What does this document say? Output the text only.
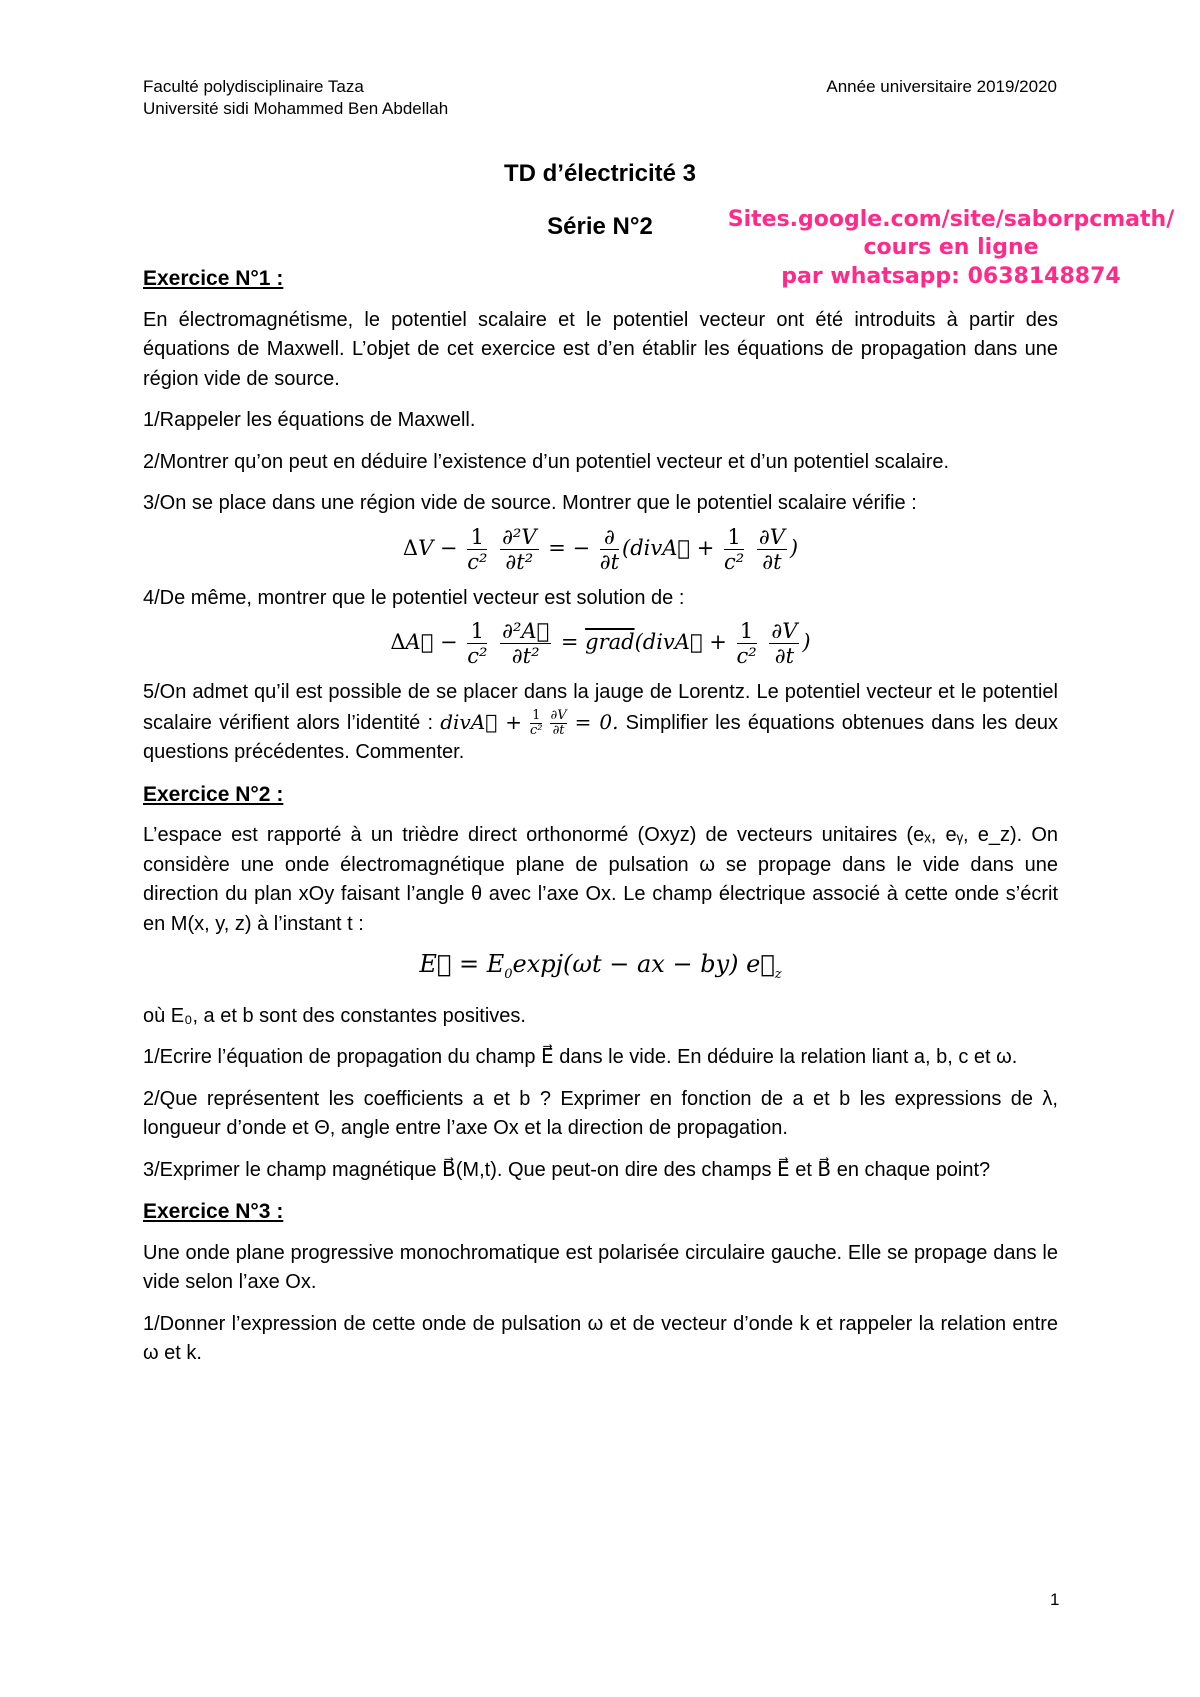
Faculté polydisciplinaire Taza
Université sidi Mohammed Ben Abdellah
Année universitaire 2019/2020
TD d’électricité 3
Série N°2	Sites.google.com/site/saborpcmath/
cours en ligne
par whatsapp: 0638148874
Exercice N°1 :

En électromagnétisme, le potentiel scalaire et le potentiel vecteur ont été introduits à partir des équations de Maxwell. L’objet de cet exercice est d’en établir les équations de propagation dans une région vide de source.

1/Rappeler les équations de Maxwell.

2/Montrer qu’on peut en déduire l’existence d’un potentiel vecteur et d’un potentiel scalaire.

3/On se place dans une région vide de source. Montrer que le potentiel scalaire vérifie :

$\Delta V - \frac{1}{\text{c²}}$
$\frac{\text{∂²V}}{\text{∂t²}}$ = − $\frac{\partial}{\partial t}$ (divA⃗ + $\frac{1}{\text{c²}}$
$\frac{\partial V}{\partial t}$ )

4/De même, montrer que le potentiel vecteur est solution de :

ΔA⃗ − $\frac{1}{\text{c²}}$
$\frac{\text{∂²A⃗}}{\text{∂t²}}$ = grad(divA⃗ + $\frac{1}{\text{c²}}$
$\frac{\partial V}{\partial t}$ )

5/On admet qu’il est possible de se placer dans la jauge de Lorentz. Le potentiel vecteur et le potentiel scalaire vérifient alors l’identité : divA⃗ + $\frac{1}{\text{c²}}$
$\frac{\partial V}{\partial t} = 0$. Simplifier les équations obtenues dans les deux questions précédentes. Commenter.

Exercice N°2 :

L’espace est rapporté à un trièdre direct orthonormé (Oxyz) de vecteurs unitaires (eₓ, eᵧ, e_z). On considère une onde électromagnétique plane de pulsation ω se propage dans le vide dans une direction du plan xOy faisant l’angle θ avec l’axe Ox. Le champ électrique associé à cette onde s’écrit en M(x, y, z) à l’instant t :

E⃗ = $E_0\exp j(\omega t$ − ax − by) $e⃗_z$

où E₀, a et b sont des constantes positives.

1/Ecrire l’équation de propagation du champ E⃗ dans le vide. En déduire la relation liant a, b, c et ω.

2/Que représentent les coefficients a et b ? Exprimer en fonction de a et b les expressions de λ, longueur d’onde et Θ, angle entre l’axe Ox et la direction de propagation.

3/Exprimer le champ magnétique B⃗(M,t). Que peut-on dire des champs E⃗ et B⃗ en chaque point?

Exercice N°3 :

Une onde plane progressive monochromatique est polarisée circulaire gauche. Elle se propage dans le vide selon l’axe Ox.

1/Donner l’expression de cette onde de pulsation ω et de vecteur d’onde k et rappeler la relation entre ω et k.

1
